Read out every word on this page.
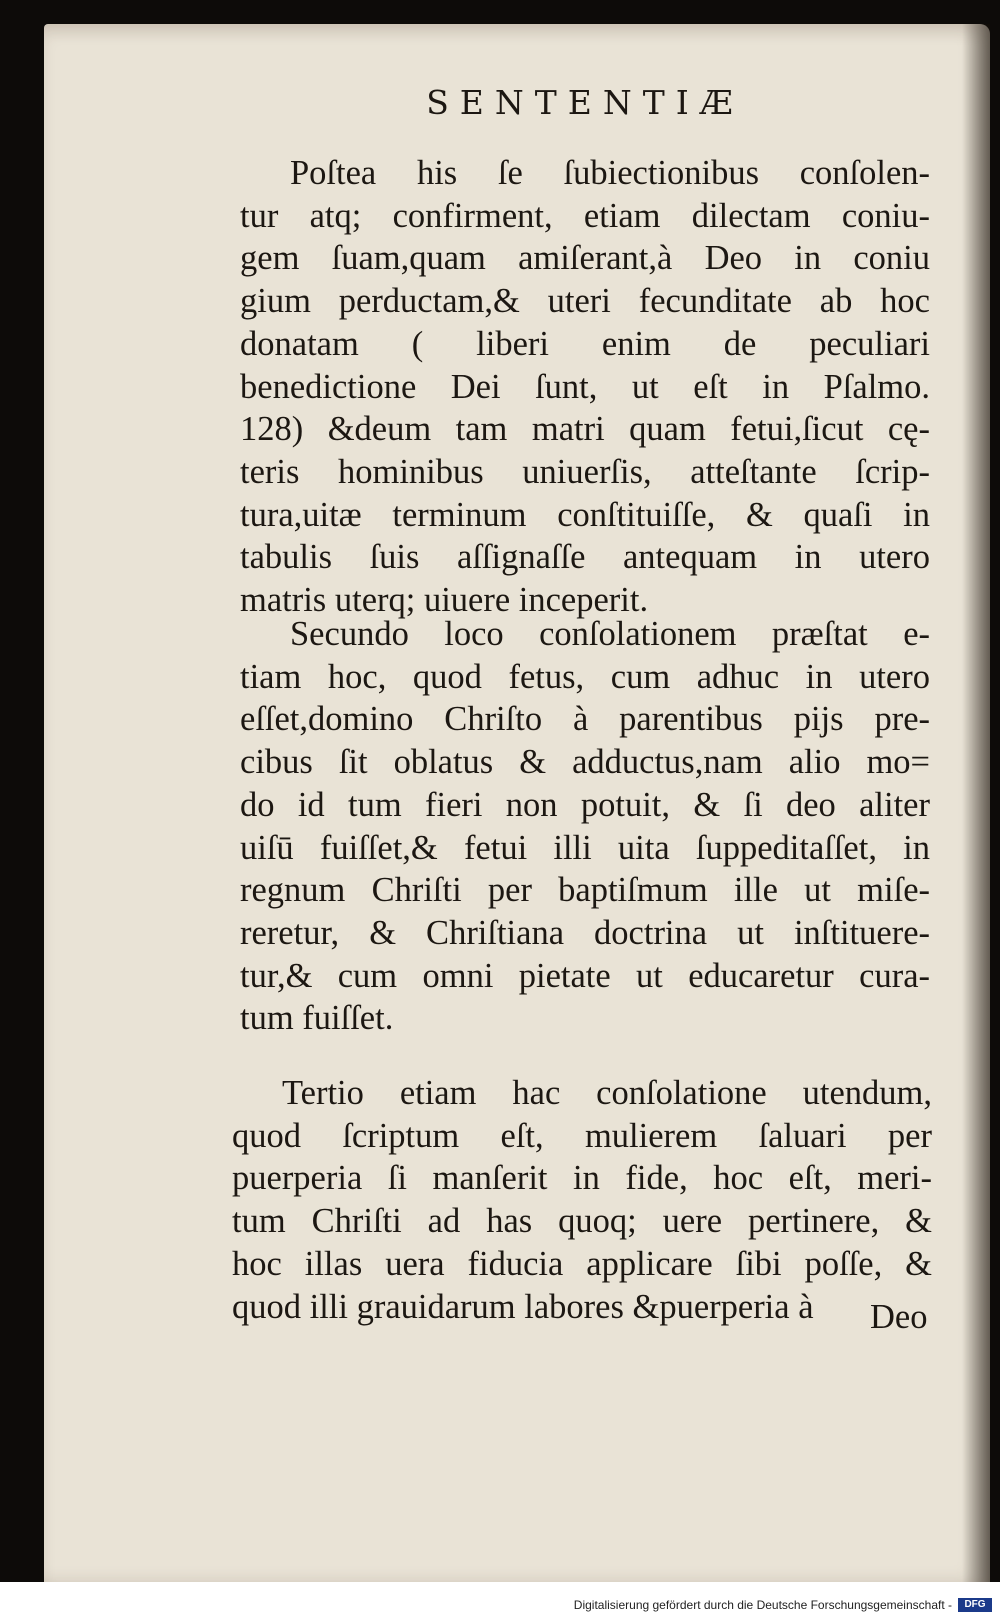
SENTENTIÆ
Poſtea his ſe ſubiectionibus conſolen-
tur atq; confirment, etiam dilectam coniu-
gem ſuam,quam amiſerant,à Deo in coniu
gium perductam,& uteri fecunditate ab hoc
donatam ( liberi enim de peculiari
benedictione Dei ſunt, ut eſt in Pſalmo.
128) &deum tam matri quam fetui,ſicut cę-
teris hominibus uniuerſis, atteſtante ſcrip-
tura,uitæ terminum conſtituiſſe, & quaſi in
tabulis ſuis aſſignaſſe antequam in utero
matris uterq; uiuere inceperit.
Secundo loco conſolationem præſtat e-
tiam hoc, quod fetus, cum adhuc in utero
eſſet,domino Chriſto à parentibus pijs pre-
cibus ſit oblatus & adductus,nam alio mo=
do id tum fieri non potuit, & ſi deo aliter
uiſū fuiſſet,& fetui illi uita ſuppeditaſſet, in
regnum Chriſti per baptiſmum ille ut miſe-
reretur, & Chriſtiana doctrina ut inſtituere-
tur,& cum omni pietate ut educaretur cura-
tum fuiſſet.
Tertio etiam hac conſolatione utendum,
quod ſcriptum eſt, mulierem ſaluari per
puerperia ſi manſerit in fide, hoc eſt, meri-
tum Chriſti ad has quoq; uere pertinere, &
hoc illas uera fiducia applicare ſibi poſſe, &
quod illi grauidarum labores &puerperia à	Deo
Digitalisierung gefördert durch die Deutsche Forschungsgemeinschaft -	DFG
